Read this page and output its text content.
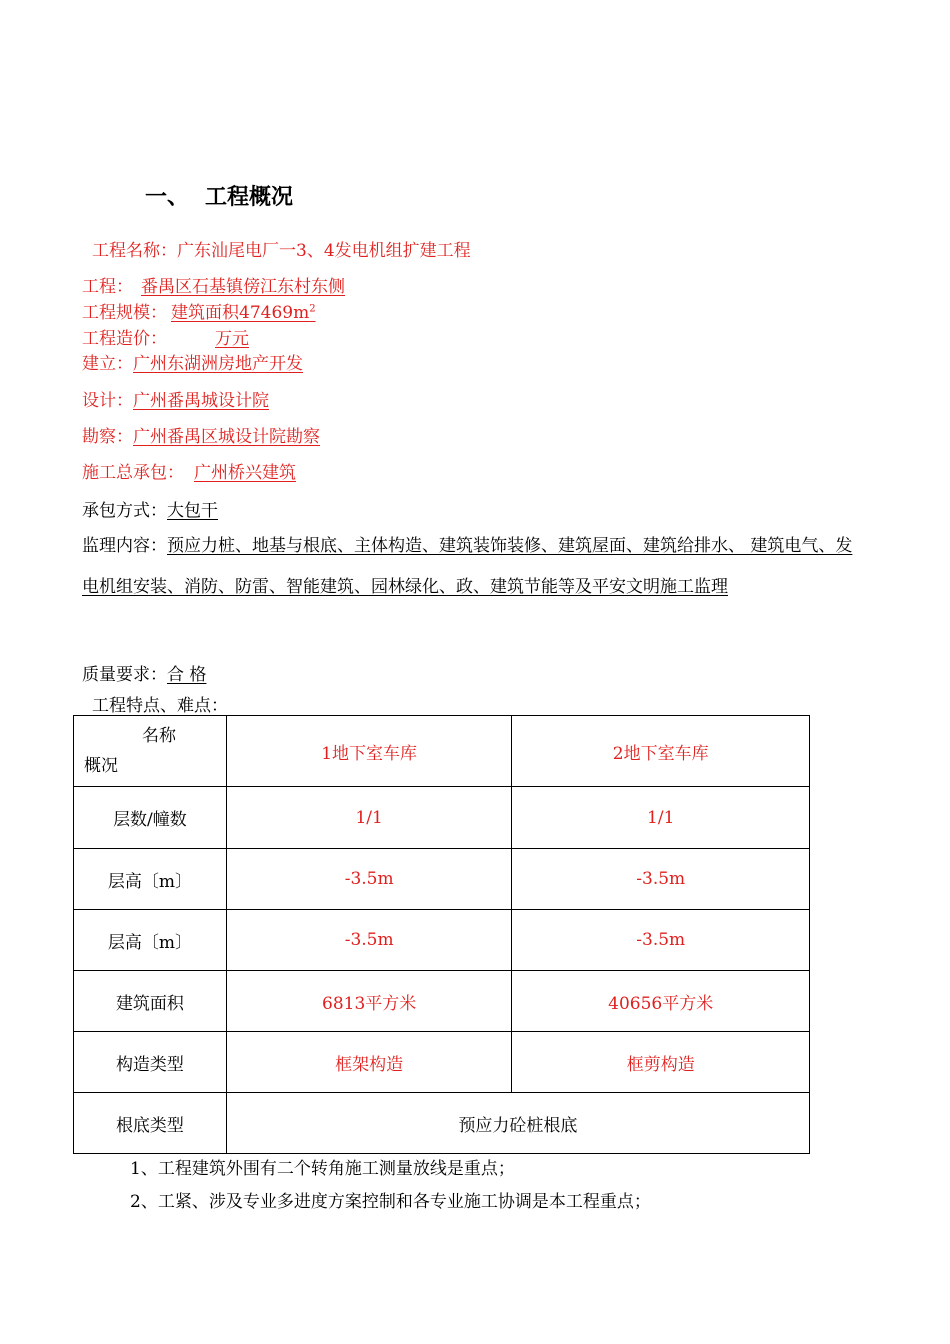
一、 工程概况
工程名称：广东汕尾电厂一3、4发电机组扩建工程
工程： 番禺区石基镇傍江东村东侧
工程规模： 建筑面积$47469m^2$
工程造价：	万元
建立：广州东湖洲房地产开发
设计：广州番禺城设计院
勘察：广州番禺区城设计院勘察
施工总承包： 广州桥兴建筑
承包方式：大包干
监理内容：预应力桩、地基与根底、主体构造、建筑装饰装修、建筑屋面、建筑给排水、 建筑电气、发电机组安装、消防、防雷、智能建筑、园林绿化、政、建筑节能等及平安文明施工监理
质量要求：合 格
工程特点、难点：
名称
概况	1地下室车库	2地下室车库
层数/幢数	1/1	1/1
层高〔m〕	-3.5m	-3.5m
层高〔m〕	-3.5m	-3.5m
建筑面积	6813平方米	40656平方米
构造类型	框架构造	框剪构造
根底类型	预应力砼桩根底	
1、工程建筑外围有二个转角施工测量放线是重点；
2、工紧、涉及专业多进度方案控制和各专业施工协调是本工程重点；
